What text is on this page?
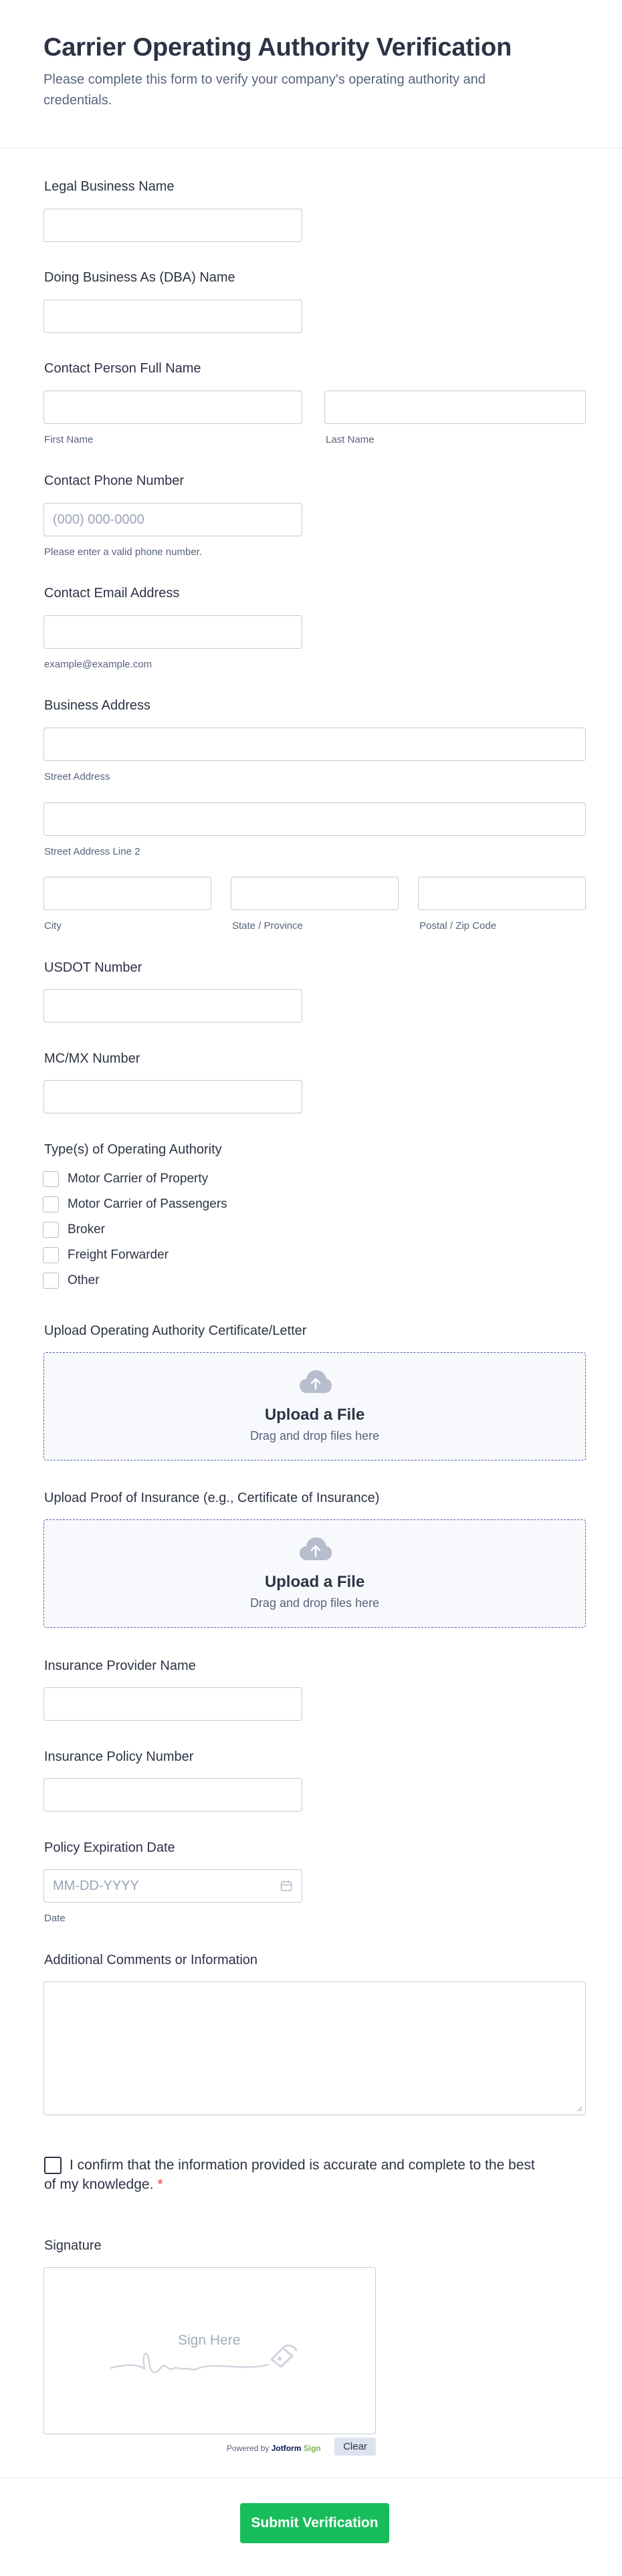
Carrier Operating Authority Verification

Please complete this form to verify your company's operating authority and credentials.

Legal Business Name
Doing Business As (DBA) Name
Contact Person Full Name
First Name	Last Name
Contact Phone Number
(000) 000-0000
Please enter a valid phone number.
Contact Email Address
example@example.com
Business Address
Street Address
Street Address Line 2
City	State / Province	Postal / Zip Code
USDOT Number
MC/MX Number
Type(s) of Operating Authority
Motor Carrier of Property
Motor Carrier of Passengers
Broker
Freight Forwarder
Other
Upload Operating Authority Certificate/Letter
Upload a File
Drag and drop files here
Upload Proof of Insurance (e.g., Certificate of Insurance)
Upload a File
Drag and drop files here
Insurance Provider Name
Insurance Policy Number
Policy Expiration Date
MM-DD-YYYY
Date
Additional Comments or Information

I confirm that the information provided is accurate and complete to the best of my knowledge. *

Signature
Sign Here
Powered by Jotform Sign	Clear
Submit Verification
